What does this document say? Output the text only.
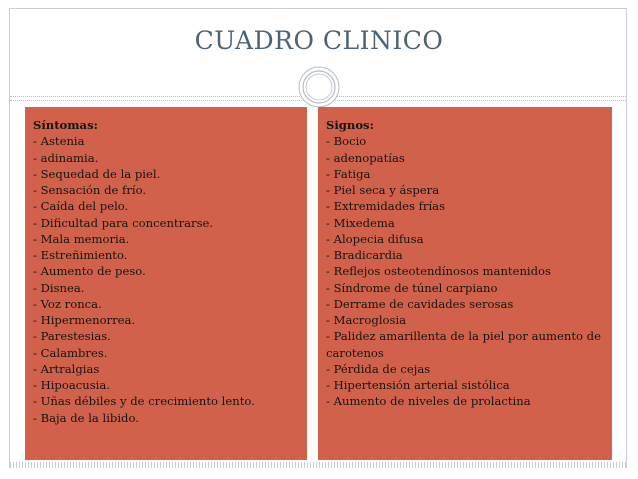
CUADRO CLINICO
Síntomas:
- Astenia
- adinamia.
- Sequedad de la piel.
- Sensación de frío.
- Caída del pelo.
- Dificultad para concentrarse.
- Mala memoria.
- Estreñimiento.
- Aumento de peso.
- Disnea.
- Voz ronca.
- Hipermenorrea.
- Parestesias.
- Calambres.
- Artralgias
- Hipoacusia.
- Uñas débiles y de crecimiento lento.
- Baja de la libido.
Signos:
- Bocio
- adenopatías
- Fatiga
- Piel seca y áspera
- Extremidades frías
- Mixedema
- Alopecia difusa
- Bradicardia
- Reflejos osteotendínosos mantenidos
- Síndrome de túnel carpiano
- Derrame de cavidades serosas
- Macroglosia
- Palidez amarillenta de la piel por aumento de carotenos
- Pérdida de cejas
- Hipertensión arterial sistólica
- Aumento de niveles de prolactina
